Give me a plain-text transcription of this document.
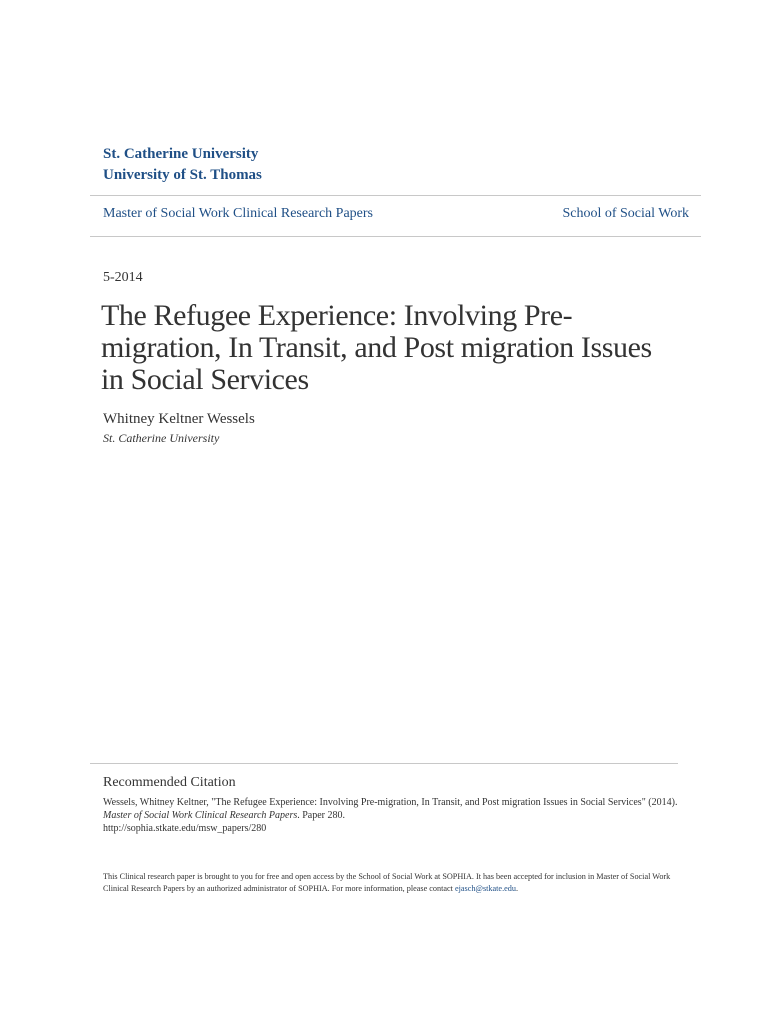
St. Catherine University
University of St. Thomas
Master of Social Work Clinical Research Papers	School of Social Work
5-2014
The Refugee Experience: Involving Pre-migration, In Transit, and Post migration Issues in Social Services
Whitney Keltner Wessels
St. Catherine University
Recommended Citation
Wessels, Whitney Keltner, "The Refugee Experience: Involving Pre-migration, In Transit, and Post migration Issues in Social Services" (2014). Master of Social Work Clinical Research Papers. Paper 280.
http://sophia.stkate.edu/msw_papers/280
This Clinical research paper is brought to you for free and open access by the School of Social Work at SOPHIA. It has been accepted for inclusion in Master of Social Work Clinical Research Papers by an authorized administrator of SOPHIA. For more information, please contact ejasch@stkate.edu.
